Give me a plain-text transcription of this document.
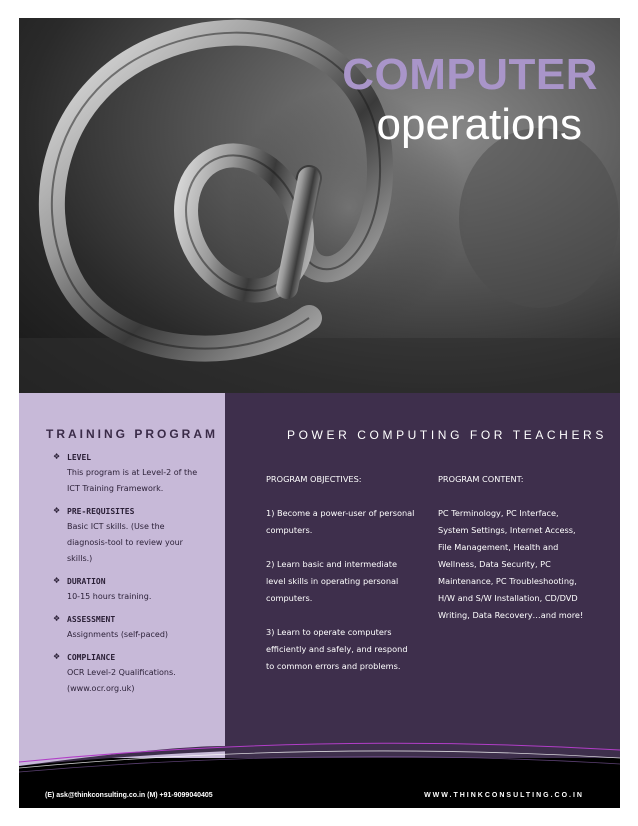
COMPUTER
operations
TRAINING PROGRAM
❖ LEVEL
This program is at Level-2 of the
ICT Training Framework.
❖ PRE-REQUISITES
Basic ICT skills. (Use the
diagnosis-tool to review your
skills.)
❖ DURATION
10-15 hours training.
❖ ASSESSMENT
Assignments (self-paced)
❖ COMPLIANCE
OCR Level-2 Qualifications.
(www.ocr.org.uk)
POWER COMPUTING FOR TEACHERS
PROGRAM OBJECTIVES:
1) Become a power-user of personal
computers.
2) Learn basic and intermediate
level skills in operating personal
computers.
3) Learn to operate computers
efficiently and safely, and respond
to common errors and problems.
PROGRAM CONTENT:
PC Terminology, PC Interface,
System Settings, Internet Access,
File Management, Health and
Wellness, Data Security, PC
Maintenance, PC Troubleshooting,
H/W and S/W Installation, CD/DVD
Writing, Data Recovery…and more!
(E) ask@thinkconsulting.co.in (M) +91-9099040405	WWW.THINKCONSULTING.CO.IN
